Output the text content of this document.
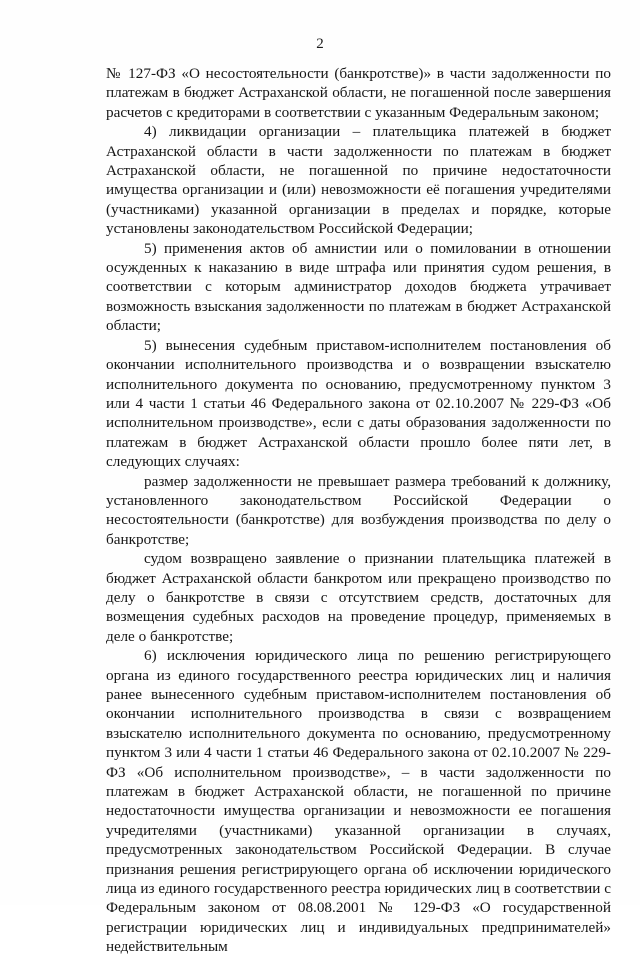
2

№ 127-ФЗ «О несостоятельности (банкротстве)» в части задолженности по платежам в бюджет Астраханской области, не погашенной после завершения расчетов с кредиторами в соответствии с указанным Федеральным законом;

4) ликвидации организации – плательщика платежей в бюджет Астраханской области в части задолженности по платежам в бюджет Астраханской области, не погашенной по причине недостаточности имущества организации и (или) невозможности её погашения учредителями (участниками) указанной организации в пределах и порядке, которые установлены законодательством Российской Федерации;

5) применения актов об амнистии или о помиловании в отношении осужденных к наказанию в виде штрафа или принятия судом решения, в соответствии с которым администратор доходов бюджета утрачивает возможность взыскания задолженности по платежам в бюджет Астраханской области;

5) вынесения судебным приставом-исполнителем постановления об окончании исполнительного производства и о возвращении взыскателю исполнительного документа по основанию, предусмотренному пунктом 3 или 4 части 1 статьи 46 Федерального закона от 02.10.2007 № 229-ФЗ «Об исполнительном производстве», если с даты образования задолженности по платежам в бюджет Астраханской области прошло более пяти лет, в следующих случаях:

размер задолженности не превышает размера требований к должнику, установленного законодательством Российской Федерации о несостоятельности (банкротстве) для возбуждения производства по делу о банкротстве;

судом возвращено заявление о признании плательщика платежей в бюджет Астраханской области банкротом или прекращено производство по делу о банкротстве в связи с отсутствием средств, достаточных для возмещения судебных расходов на проведение процедур, применяемых в деле о банкротстве;

6) исключения юридического лица по решению регистрирующего органа из единого государственного реестра юридических лиц и наличия ранее вынесенного судебным приставом-исполнителем постановления об окончании исполнительного производства в связи с возвращением взыскателю исполнительного документа по основанию, предусмотренному пунктом 3 или 4 части 1 статьи 46 Федерального закона от 02.10.2007 № 229-ФЗ «Об исполнительном производстве», – в части задолженности по платежам в бюджет Астраханской области, не погашенной по причине недостаточности имущества организации и невозможности ее погашения учредителями (участниками) указанной организации в случаях, предусмотренных законодательством Российской Федерации. В случае признания решения регистрирующего органа об исключении юридического лица из единого государственного реестра юридических лиц в соответствии с Федеральным законом от 08.08.2001 № 129-ФЗ «О государственной регистрации юридических лиц и индивидуальных предпринимателей» недействительным
